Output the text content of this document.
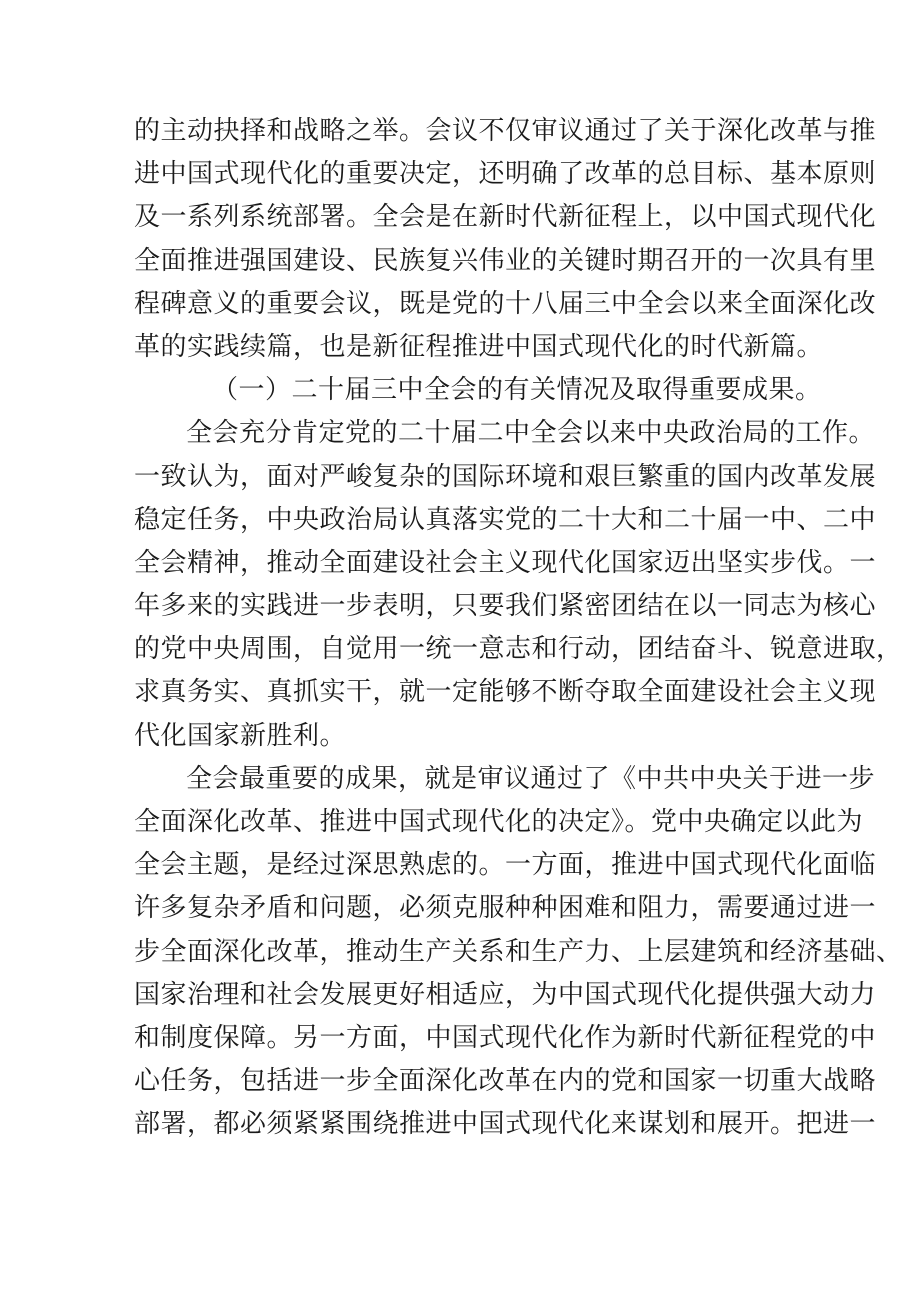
的主动抉择和战略之举。会议不仅审议通过了关于深化改革与推
进中国式现代化的重要决定，还明确了改革的总目标、基本原则
及一系列系统部署。全会是在新时代新征程上，以中国式现代化
全面推进强国建设、民族复兴伟业的关键时期召开的一次具有里
程碑意义的重要会议，既是党的十八届三中全会以来全面深化改
革的实践续篇，也是新征程推进中国式现代化的时代新篇。
（一）二十届三中全会的有关情况及取得重要成果。
全会充分肯定党的二十届二中全会以来中央政治局的工作。
一致认为，面对严峻复杂的国际环境和艰巨繁重的国内改革发展
稳定任务，中央政治局认真落实党的二十大和二十届一中、二中
全会精神，推动全面建设社会主义现代化国家迈出坚实步伐。一
年多来的实践进一步表明，只要我们紧密团结在以一同志为核心
的党中央周围，自觉用一统一意志和行动，团结奋斗、锐意进取，
求真务实、真抓实干，就一定能够不断夺取全面建设社会主义现
代化国家新胜利。
全会最重要的成果，就是审议通过了《中共中央关于进一步
全面深化改革、推进中国式现代化的决定》。党中央确定以此为
全会主题，是经过深思熟虑的。一方面，推进中国式现代化面临
许多复杂矛盾和问题，必须克服种种困难和阻力，需要通过进一
步全面深化改革，推动生产关系和生产力、上层建筑和经济基础、
国家治理和社会发展更好相适应，为中国式现代化提供强大动力
和制度保障。另一方面，中国式现代化作为新时代新征程党的中
心任务，包括进一步全面深化改革在内的党和国家一切重大战略
部署，都必须紧紧围绕推进中国式现代化来谋划和展开。把进一
